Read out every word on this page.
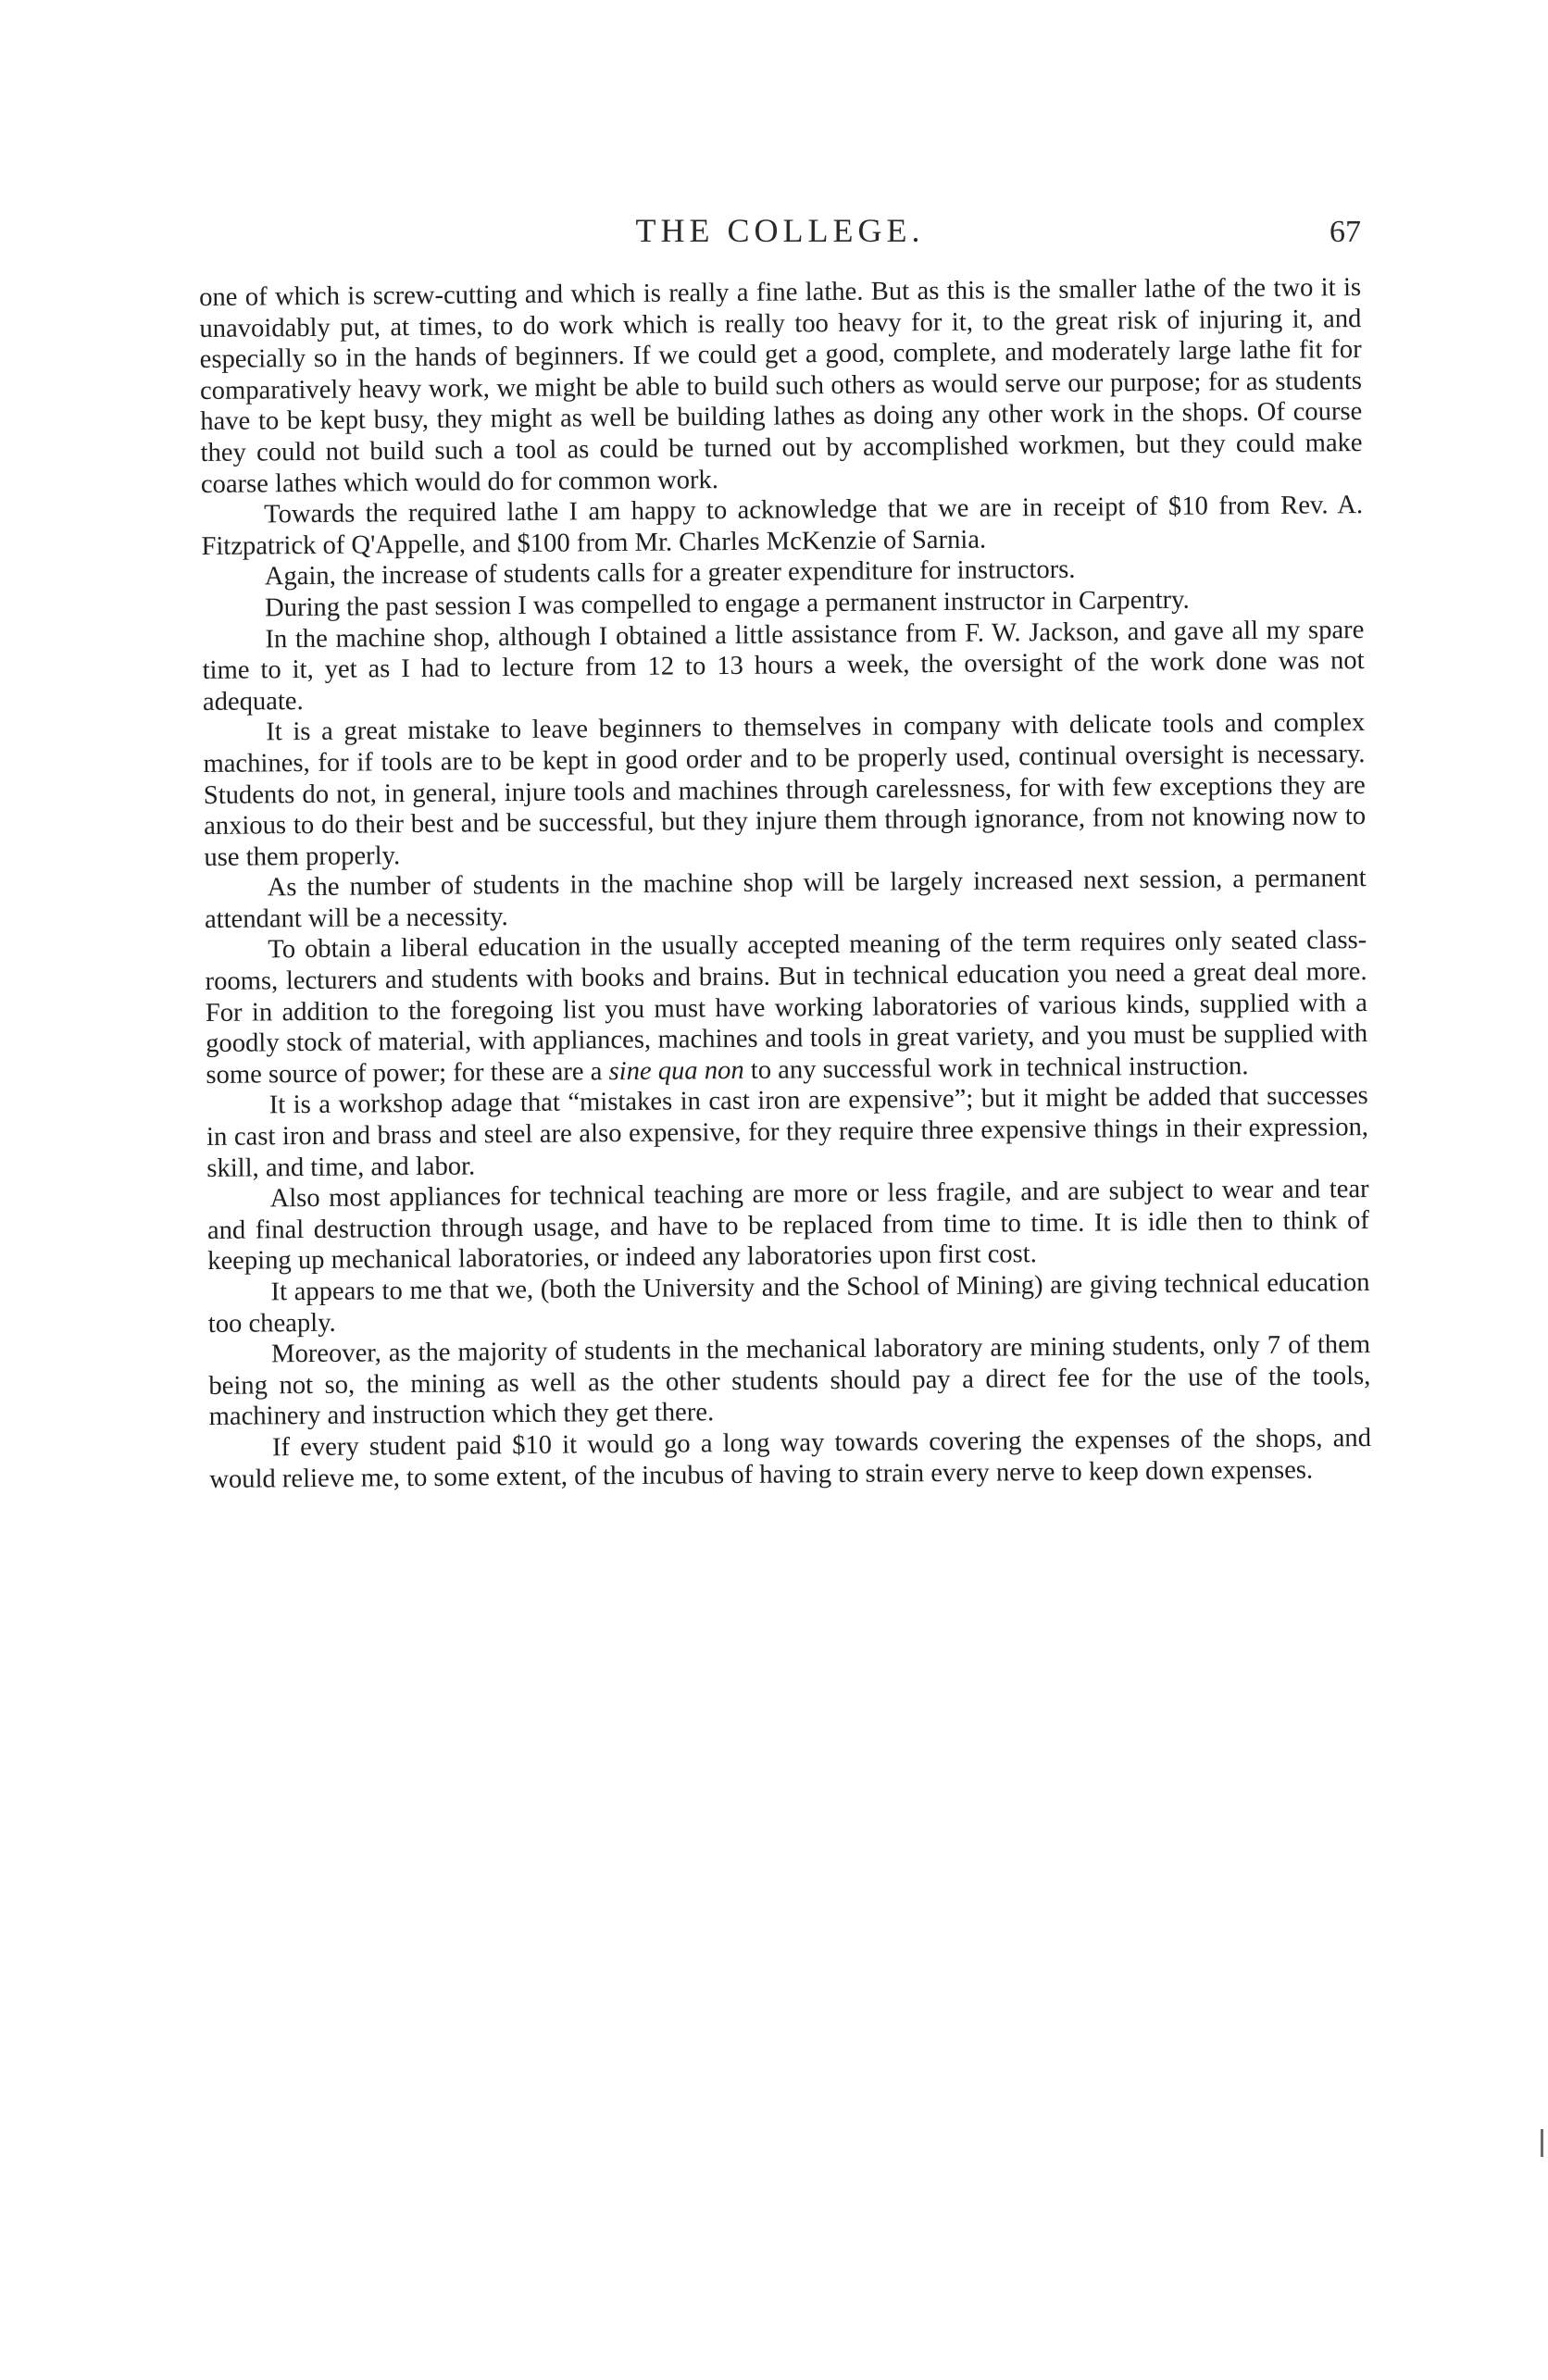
THE COLLEGE.	67

one of which is screw-cutting and which is really a fine lathe. But as this is the smaller lathe of the two it is unavoidably put, at times, to do work which is really too heavy for it, to the great risk of injuring it, and especially so in the hands of beginners. If we could get a good, complete, and moderately large lathe fit for comparatively heavy work, we might be able to build such others as would serve our purpose; for as students have to be kept busy, they might as well be building lathes as doing any other work in the shops. Of course they could not build such a tool as could be turned out by accomplished workmen, but they could make coarse lathes which would do for common work.

Towards the required lathe I am happy to acknowledge that we are in receipt of $10 from Rev. A. Fitzpatrick of Q'Appelle, and $100 from Mr. Charles McKenzie of Sarnia.

Again, the increase of students calls for a greater expenditure for instructors.

During the past session I was compelled to engage a permanent instructor in Carpentry.

In the machine shop, although I obtained a little assistance from F. W. Jackson, and gave all my spare time to it, yet as I had to lecture from 12 to 13 hours a week, the oversight of the work done was not adequate.

It is a great mistake to leave beginners to themselves in company with delicate tools and complex machines, for if tools are to be kept in good order and to be properly used, continual oversight is necessary. Students do not, in general, injure tools and machines through carelessness, for with few exceptions they are anxious to do their best and be successful, but they injure them through ignorance, from not knowing now to use them properly.

As the number of students in the machine shop will be largely increased next session, a permanent attendant will be a necessity.

To obtain a liberal education in the usually accepted meaning of the term requires only seated class-rooms, lecturers and students with books and brains. But in technical education you need a great deal more. For in addition to the foregoing list you must have working laboratories of various kinds, supplied with a goodly stock of material, with appliances, machines and tools in great variety, and you must be supplied with some source of power; for these are a sine qua non to any successful work in technical instruction.

It is a workshop adage that “mistakes in cast iron are expensive”; but it might be added that successes in cast iron and brass and steel are also expensive, for they require three expensive things in their expression, skill, and time, and labor.

Also most appliances for technical teaching are more or less fragile, and are subject to wear and tear and final destruction through usage, and have to be replaced from time to time. It is idle then to think of keeping up mechanical laboratories, or indeed any laboratories upon first cost.

It appears to me that we, (both the University and the School of Mining) are giving technical education too cheaply.

Moreover, as the majority of students in the mechanical laboratory are mining students, only 7 of them being not so, the mining as well as the other students should pay a direct fee for the use of the tools, machinery and instruction which they get there.

If every student paid $10 it would go a long way towards covering the expenses of the shops, and would relieve me, to some extent, of the incubus of having to strain every nerve to keep down expenses.
